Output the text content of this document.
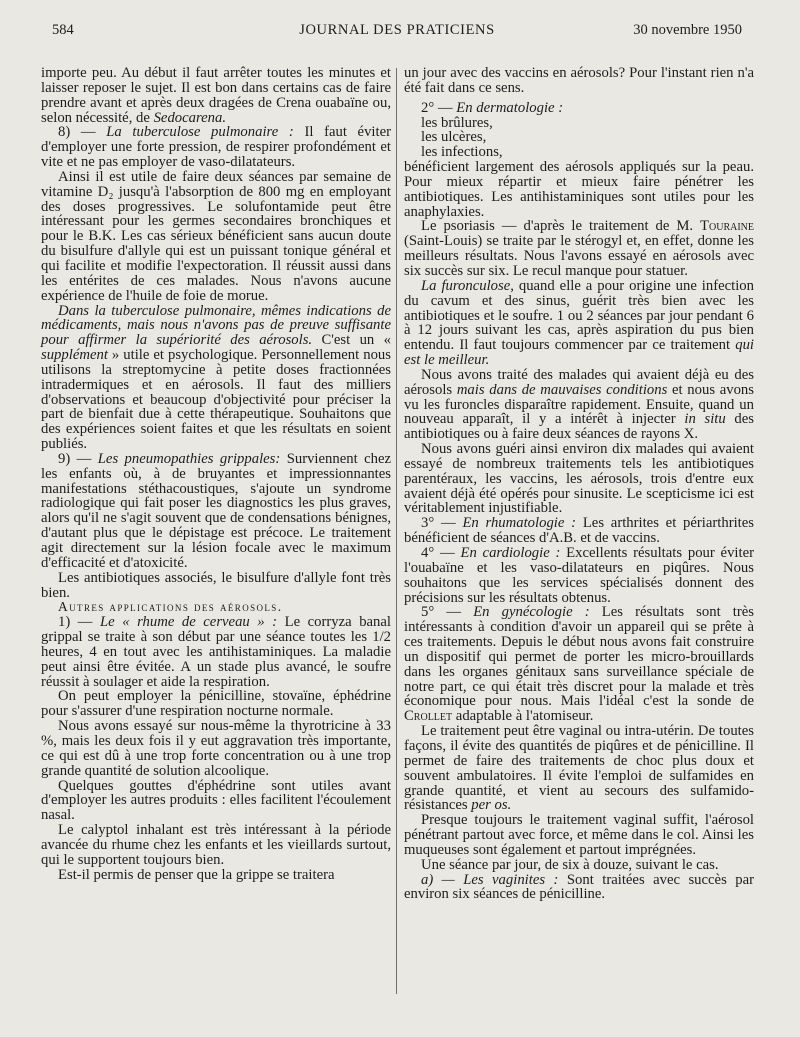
584	JOURNAL DES PRATICIENS	30 novembre 1950

importe peu. Au début il faut arrêter toutes les minutes et laisser reposer le sujet. Il est bon dans certains cas de faire prendre avant et après deux dragées de Crena ouabaïne ou, selon nécessité, de Sedocarena.

8) — La tuberculose pulmonaire : Il faut éviter d'employer une forte pression, de respirer profondément et vite et ne pas employer de vaso-dilatateurs.

Ainsi il est utile de faire deux séances par semaine de vitamine D₂ jusqu'à l'absorption de 800 mg en employant des doses progressives. Le solufontamide peut être intéressant pour les germes secondaires bronchiques et pour le B.K. Les cas sérieux bénéficient sans aucun doute du bisulfure d'allyle qui est un puissant tonique général et qui facilite et modifie l'expectoration. Il réussit aussi dans les entérites de ces malades. Nous n'avons aucune expérience de l'huile de foie de morue.

Dans la tuberculose pulmonaire, mêmes indications de médicaments, mais nous n'avons pas de preuve suffisante pour affirmer la supériorité des aérosols. C'est un « supplément » utile et psychologique. Personnellement nous utilisons la streptomycine à petite doses fractionnées intradermiques et en aérosols. Il faut des milliers d'observations et beaucoup d'objectivité pour préciser la part de bienfait due à cette thérapeutique. Souhaitons que des expériences soient faites et que les résultats en soient publiés.

9) — Les pneumopathies grippales: Surviennent chez les enfants où, à de bruyantes et impressionnantes manifestations stéthacoustiques, s'ajoute un syndrome radiologique qui fait poser les diagnostics les plus graves, alors qu'il ne s'agit souvent que de condensations bénignes, d'autant plus que le dépistage est précoce. Le traitement agit directement sur la lésion focale avec le maximum d'efficacité et d'atoxicité.

Les antibiotiques associés, le bisulfure d'allyle font très bien.

Autres applications des aérosols.

1) — Le « rhume de cerveau » : Le corryza banal grippal se traite à son début par une séance toutes les 1/2 heures, 4 en tout avec les antihistaminiques. La maladie peut ainsi être évitée. A un stade plus avancé, le soufre réussit à soulager et aide la respiration.

On peut employer la pénicilline, stovaïne, éphédrine pour s'assurer d'une respiration nocturne normale.

Nous avons essayé sur nous-même la thyrotricine à 33 %, mais les deux fois il y eut aggravation très importante, ce qui est dû à une trop forte concentration ou à une trop grande quantité de solution alcoolique.

Quelques gouttes d'éphédrine sont utiles avant d'employer les autres produits : elles facilitent l'écoulement nasal.

Le calyptol inhalant est très intéressant à la période avancée du rhume chez les enfants et les vieillards surtout, qui le supportent toujours bien.

Est-il permis de penser que la grippe se traitera

un jour avec des vaccins en aérosols? Pour l'instant rien n'a été fait dans ce sens.

2° — En dermatologie :

les brûlures,

les ulcères,

les infections,

bénéficient largement des aérosols appliqués sur la peau. Pour mieux répartir et mieux faire pénétrer les antibiotiques. Les antihistaminiques sont utiles pour les anaphylaxies.

Le psoriasis — d'après le traitement de M. Touraine (Saint-Louis) se traite par le stérogyl et, en effet, donne les meilleurs résultats. Nous l'avons essayé en aérosols avec six succès sur six. Le recul manque pour statuer.

La furonculose, quand elle a pour origine une infection du cavum et des sinus, guérit très bien avec les antibiotiques et le soufre. 1 ou 2 séances par jour pendant 6 à 12 jours suivant les cas, après aspiration du pus bien entendu. Il faut toujours commencer par ce traitement qui est le meilleur.

Nous avons traité des malades qui avaient déjà eu des aérosols mais dans de mauvaises conditions et nous avons vu les furoncles disparaître rapidement. Ensuite, quand un nouveau apparaît, il y a intérêt à injecter in situ des antibiotiques ou à faire deux séances de rayons X.

Nous avons guéri ainsi environ dix malades qui avaient essayé de nombreux traitements tels les antibiotiques parentéraux, les vaccins, les aérosols, trois d'entre eux avaient déjà été opérés pour sinusite. Le scepticisme ici est véritablement injustifiable.

3° — En rhumatologie : Les arthrites et périarthrites bénéficient de séances d'A.B. et de vaccins.

4° — En cardiologie : Excellents résultats pour éviter l'ouabaïne et les vaso-dilatateurs en piqûres. Nous souhaitons que les services spécialisés donnent des précisions sur les résultats obtenus.

5° — En gynécologie : Les résultats sont très intéressants à condition d'avoir un appareil qui se prête à ces traitements. Depuis le début nous avons fait construire un dispositif qui permet de porter les micro-brouillards dans les organes génitaux sans surveillance spéciale de notre part, ce qui était très discret pour la malade et très économique pour nous. Mais l'idéal c'est la sonde de Crollet adaptable à l'atomiseur.

Le traitement peut être vaginal ou intra-utérin. De toutes façons, il évite des quantités de piqûres et de pénicilline. Il permet de faire des traitements de choc plus doux et souvent ambulatoires. Il évite l'emploi de sulfamides en grande quantité, et vient au secours des sulfamido-résistances per os.

Presque toujours le traitement vaginal suffit, l'aérosol pénétrant partout avec force, et même dans le col. Ainsi les muqueuses sont également et partout imprégnées.

Une séance par jour, de six à douze, suivant le cas.

a) — Les vaginites : Sont traitées avec succès par environ six séances de pénicilline.
